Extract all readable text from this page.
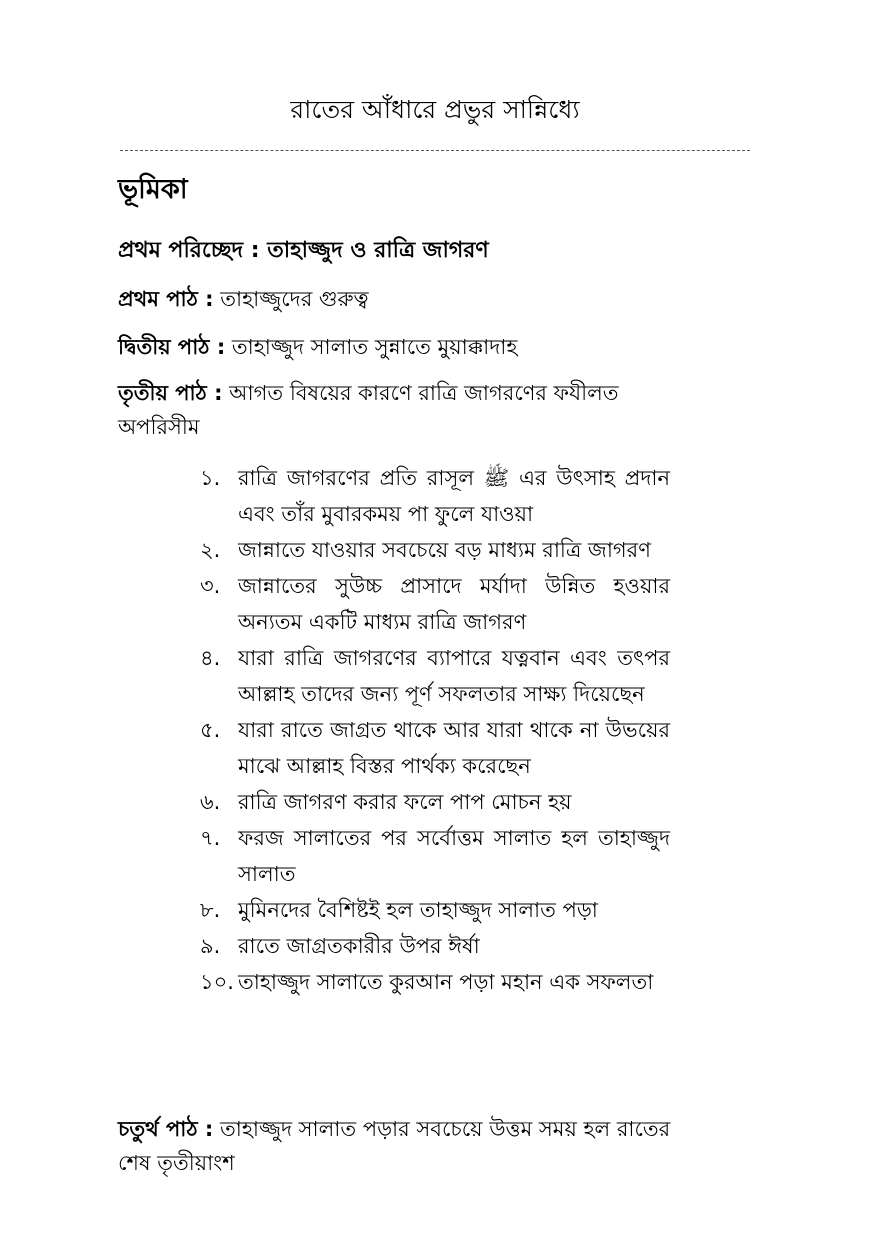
রাতের আঁধারে প্রভুর সান্নিধ্যে
ভূমিকা
প্রথম পরিচ্ছেদ : তাহাজ্জুদ ও রাত্রি জাগরণ
প্রথম পাঠ : তাহাজ্জুদের গুরুত্ব
দ্বিতীয় পাঠ : তাহাজ্জুদ সালাত সুন্নাতে মুয়াক্কাদাহ
তৃতীয় পাঠ : আগত বিষয়ের কারণে রাত্রি জাগরণের ফযীলত অপরিসীম
১. রাত্রি জাগরণের প্রতি রাসূল ﷺ এর উৎসাহ প্রদান এবং তাঁর মুবারকময় পা ফুলে যাওয়া
২. জান্নাতে যাওয়ার সবচেয়ে বড় মাধ্যম রাত্রি জাগরণ
৩. জান্নাতের সুউচ্চ প্রাসাদে মর্যাদা উন্নিত হওয়ার অন্যতম একটি মাধ্যম রাত্রি জাগরণ
৪. যারা রাত্রি জাগরণের ব্যাপারে যত্নবান এবং তৎপর আল্লাহ তাদের জন্য পূর্ণ সফলতার সাক্ষ্য দিয়েছেন
৫. যারা রাতে জাগ্রত থাকে আর যারা থাকে না উভয়ের মাঝে আল্লাহ বিস্তর পার্থক্য করেছেন
৬. রাত্রি জাগরণ করার ফলে পাপ মোচন হয়
৭. ফরজ সালাতের পর সর্বোত্তম সালাত হল তাহাজ্জুদ সালাত
৮. মুমিনদের বৈশিষ্টই হল তাহাজ্জুদ সালাত পড়া
৯. রাতে জাগ্রতকারীর উপর ঈর্ষা
১০. তাহাজ্জুদ সালাতে কুরআন পড়া মহান এক সফলতা
চতুর্থ পাঠ : তাহাজ্জুদ সালাত পড়ার সবচেয়ে উত্তম সময় হল রাতের শেষ তৃতীয়াংশ
